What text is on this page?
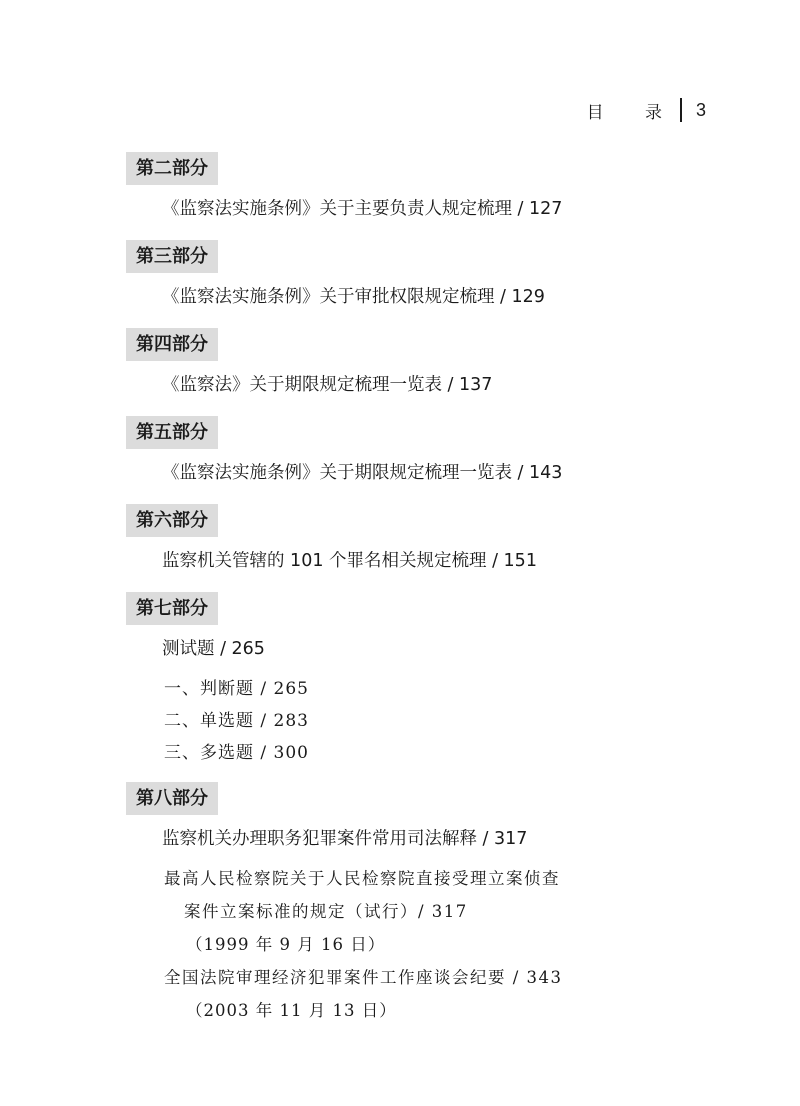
目 录 3
第二部分
《监察法实施条例》关于主要负责人规定梳理 / 127
第三部分
《监察法实施条例》关于审批权限规定梳理 / 129
第四部分
《监察法》关于期限规定梳理一览表 / 137
第五部分
《监察法实施条例》关于期限规定梳理一览表 / 143
第六部分
监察机关管辖的 101 个罪名相关规定梳理 / 151
第七部分
测试题 / 265
一、判断题 / 265
二、单选题 / 283
三、多选题 / 300
第八部分
监察机关办理职务犯罪案件常用司法解释 / 317
最高人民检察院关于人民检察院直接受理立案侦查
案件立案标准的规定（试行）/ 317
（1999 年 9 月 16 日）
全国法院审理经济犯罪案件工作座谈会纪要 / 343
（2003 年 11 月 13 日）
